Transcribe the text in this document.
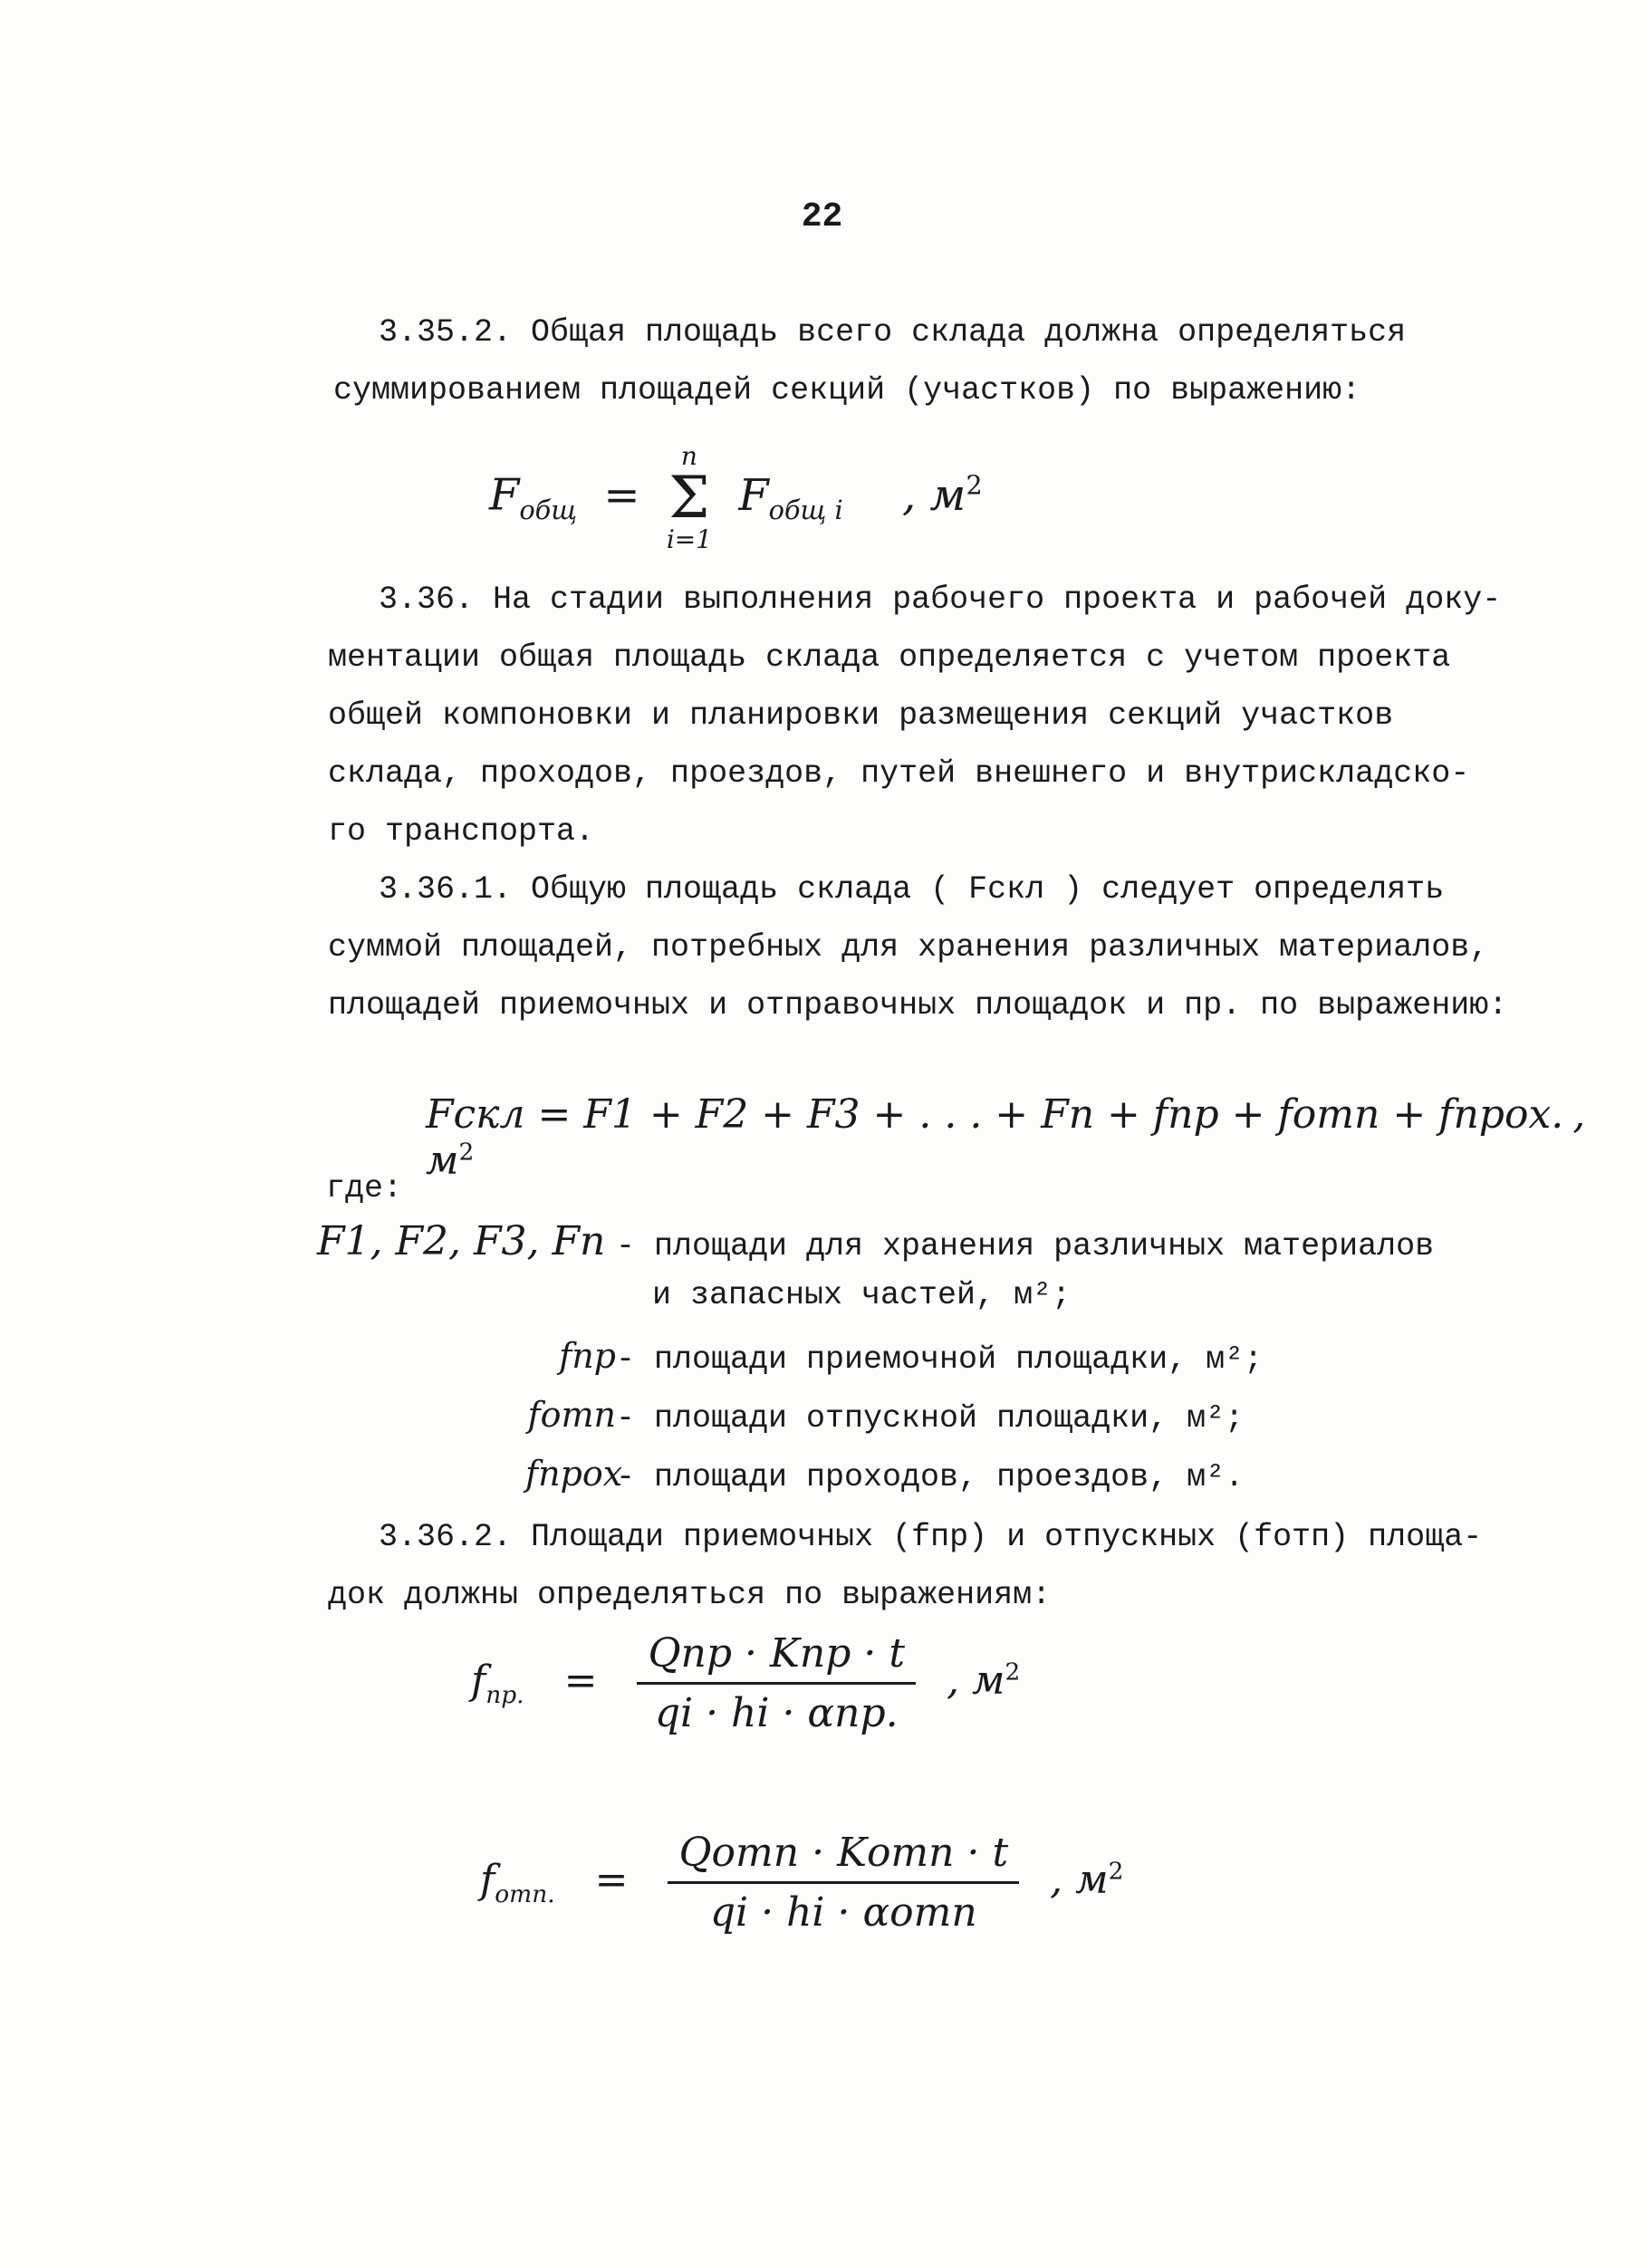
22
3.35.2. Общая площадь всего склада должна определяться
суммированием площадей секций (участков) по выражению:
$F_{общ}$ =
n
Σ
i=1
$F_{общ i}$ , $м^2$
3.36. На стадии выполнения рабочего проекта и рабочей доку-
ментации общая площадь склада определяется с учетом проекта
общей компоновки и планировки размещения секций участков
склада, проходов, проездов, путей внешнего и внутрискладско-
го транспорта.
3.36.1. Общую площадь склада ( Fскл ) следует определять
суммой площадей, потребных для хранения различных материалов,
площадей приемочных и отправочных площадок и пр. по выражению:
Fскл = F1 + F2 + F3 + . . . + Fn + fпр + fотп + fпрох. , $м^2$
где:
F1, F2, F3, Fn - площади для хранения различных материалов
и запасных частей, м²;
fпр- площади приемочной площадки, м²;
fотп- площади отпускной площадки, м²;
fпрох- площади проходов, проездов, м².
3.36.2. Площади приемочных (fпр) и отпускных (fотп) площа-
док должны определяться по выражениям:
$f_{пр.} = \frac{\text{Qпр · Kпр · t}}{\text{qi · hi · αпр.}}$ , $м^2$
$f_{отп.} = \frac{\text{Qотп · Kотп · t}}{\text{qi · hi · αотп}}$ , $м^2$
